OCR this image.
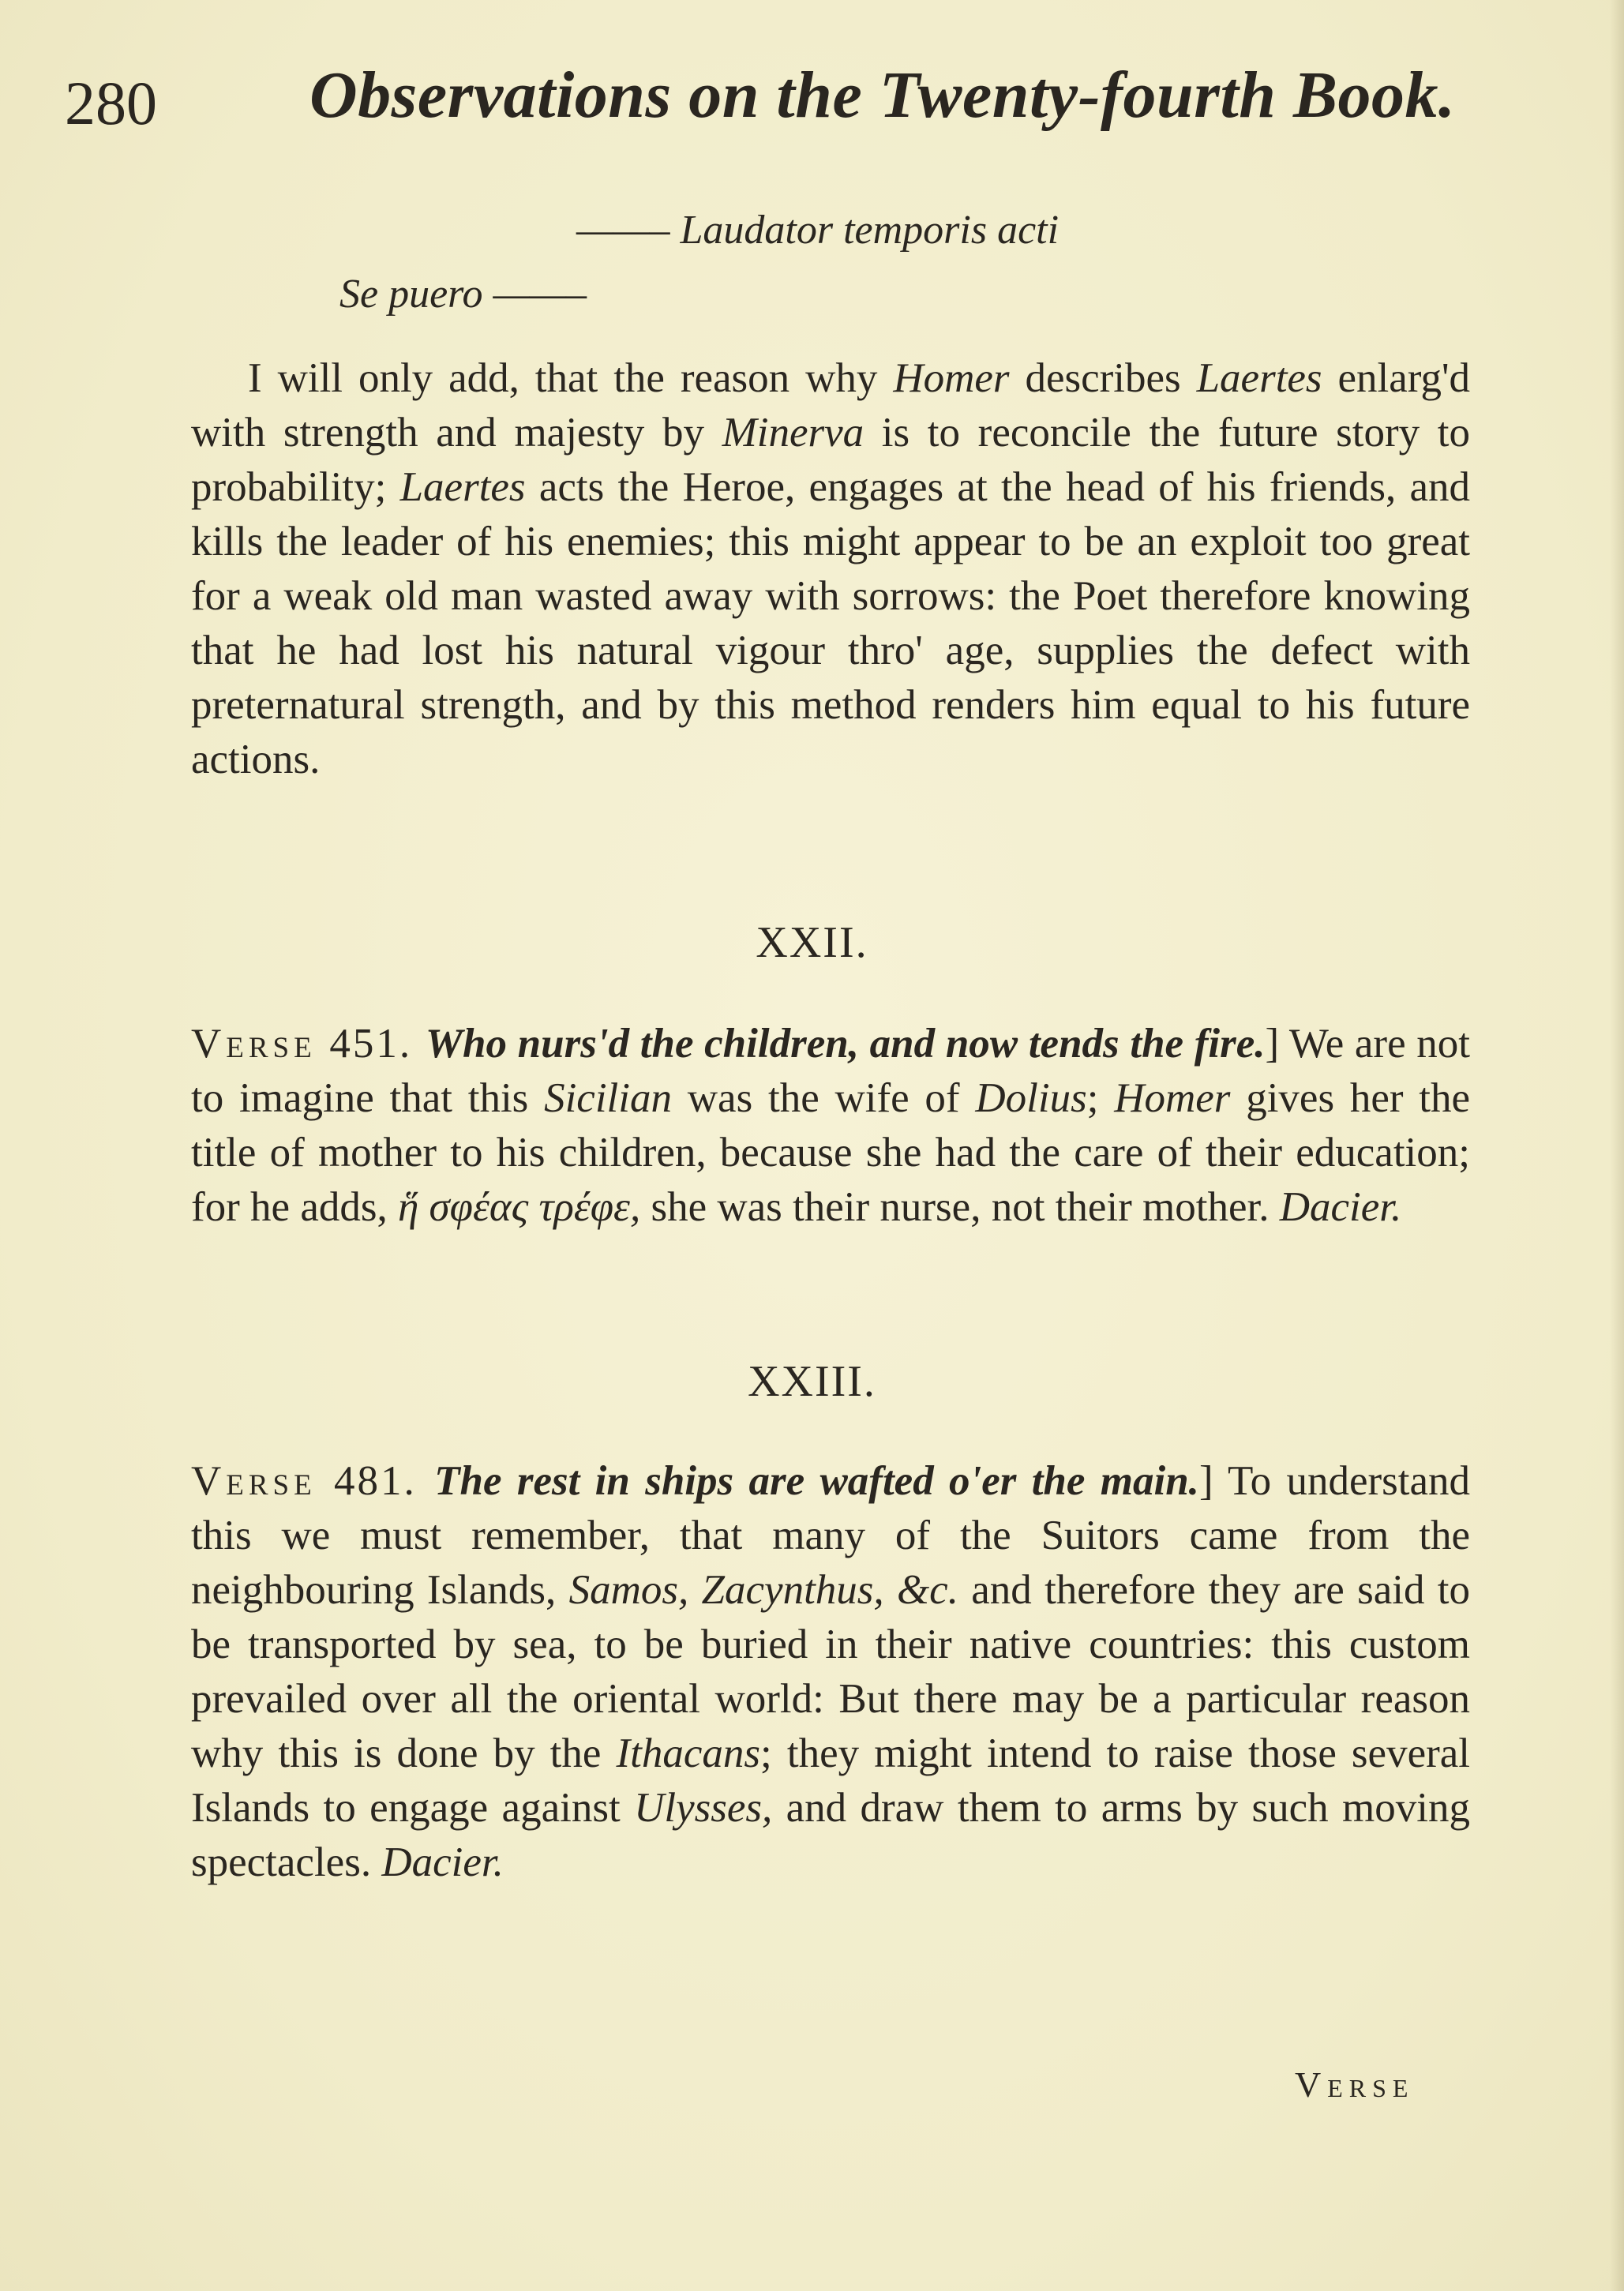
280 Observations on the Twenty-fourth Book.
——– Laudator temporis acti
Se puero ——–

I will only add, that the reason why Homer describes Laertes enlarg'd with strength and majesty by Minerva is to reconcile the future story to probability; Laertes acts the Heroe, engages at the head of his friends, and kills the leader of his enemies; this might appear to be an exploit too great for a weak old man wasted away with sorrows: the Poet therefore knowing that he had lost his natural vigour thro' age, supplies the defect with preternatural strength, and by this method renders him equal to his future actions.

XXII.

Verse 451. Who nurs'd the children, and now tends the fire.] We are not to imagine that this Sicilian was the wife of Dolius; Homer gives her the title of mother to his children, because she had the care of their education; for he adds, ἥ σφέας τρέφε, she was their nurse, not their mother. Dacier.

XXIII.

Verse 481. The rest in ships are wafted o'er the main.] To understand this we must remember, that many of the Suitors came from the neighbouring Islands, Samos, Zacynthus, &c. and therefore they are said to be transported by sea, to be buried in their native countries: this custom prevailed over all the oriental world: But there may be a particular reason why this is done by the Ithacans; they might intend to raise those several Islands to engage against Ulysses, and draw them to arms by such moving spectacles. Dacier.

Verse
